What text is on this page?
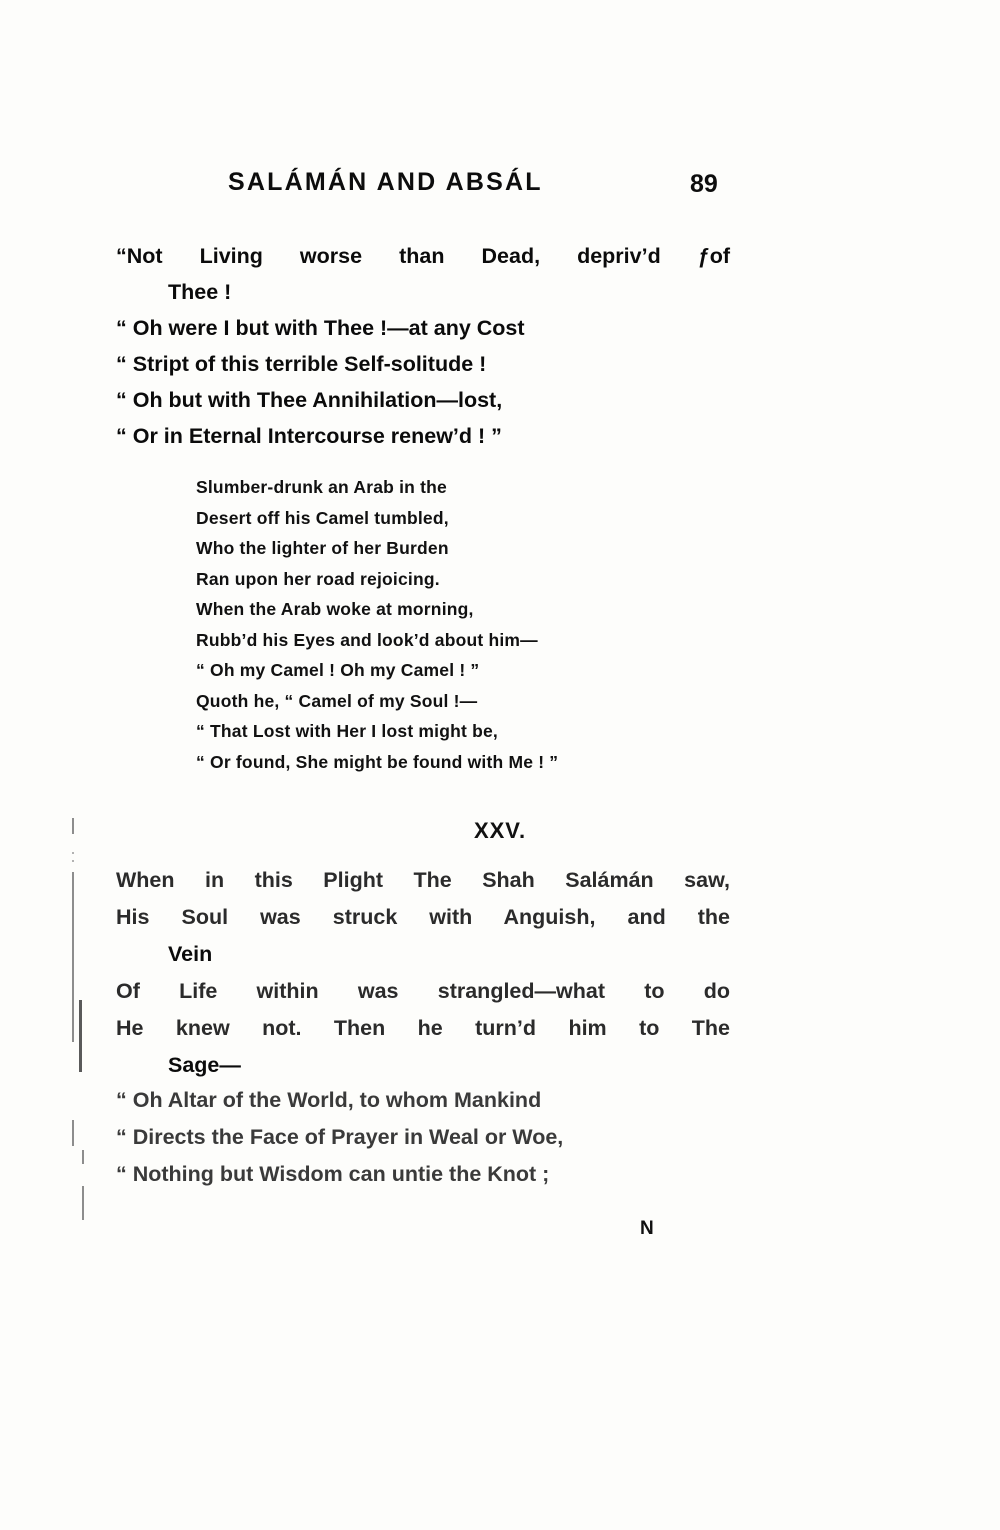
SALÁMÁN AND ABSÁL	89
“Not Living worse than Dead, depriv’d ƒof
Thee !
“ Oh were I but with Thee !—at any Cost
“ Stript of this terrible Self-solitude !
“ Oh but with Thee Annihilation—lost,
“ Or in Eternal Intercourse renew’d ! ”
Slumber-drunk an Arab in the
Desert off his Camel tumbled,
Who the lighter of her Burden
Ran upon her road rejoicing.
When the Arab woke at morning,
Rubb’d his Eyes and look’d about him—
“ Oh my Camel ! Oh my Camel ! ”
Quoth he, “ Camel of my Soul !—
“ That Lost with Her I lost might be,
“ Or found, She might be found with Me ! ”
XXV.
When in this Plight The Shah Salámán saw,
His Soul was struck with Anguish, and the
Vein
Of Life within was strangled—what to do
He knew not. Then he turn’d him to The
Sage—
“ Oh Altar of the World, to whom Mankind “ Directs the Face of Prayer in Weal or Woe, “ Nothing but Wisdom can untie the Knot ;
N
